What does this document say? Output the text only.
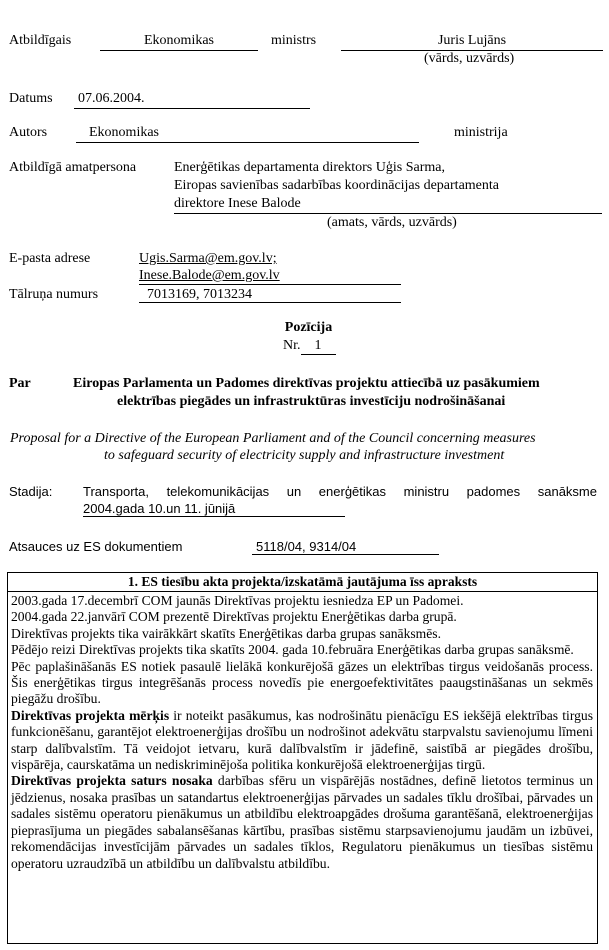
Atbildīgais	Ekonomikas	ministrs	Juris Lujāns
(vārds, uzvārds)
Datums 07.06.2004.
Autors	Ekonomikas	ministrija
Atbildīgā amatpersona	Enerģētikas departamenta direktors Uģis Sarma,
Eiropas savienības sadarbības koordinācijas departamenta
direktore Inese Balode
(amats, vārds, uzvārds)
E-pasta adrese	Ugis.Sarma@em.gov.lv;
Inese.Balode@em.gov.lv
Tālruņa numurs	7013169, 7013234
Pozīcija
Nr. 1
Par	Eiropas Parlamenta un Padomes direktīvas projektu attiecībā uz pasākumiem
elektrības piegādes un infrastruktūras investīciju nodrošināšanai
Proposal for a Directive of the European Parliament and of the Council concerning measures
to safeguard security of electricity supply and infrastructure investment
Stadija: Transporta, telekomunikācijas un enerģētikas ministru padomes sanāksme
2004.gada 10.un 11. jūnijā
Atsauces uz ES dokumentiem	5118/04, 9314/04
1. ES tiesību akta projekta/izskatāmā jautājuma īss apraksts

2003.gada 17.decembrī COM jaunās Direktīvas projektu iesniedza EP un Padomei.

2004.gada 22.janvārī COM prezentē Direktīvas projektu Enerģētikas darba grupā.

Direktīvas projekts tika vairākkārt skatīts Enerģētikas darba grupas sanāksmēs.

Pēdējo reizi Direktīvas projekts tika skatīts 2004. gada 10.februāra Enerģētikas darba grupas sanāksmē.

Pēc paplašināšanās ES notiek pasaulē lielākā konkurējošā gāzes un elektrības tirgus veidošanās process. Šis enerģētikas tirgus integrēšanās process novedīs pie energoefektivitātes paaugstināšanas un sekmēs piegāžu drošību.

Direktīvas projekta mērķis ir noteikt pasākumus, kas nodrošinātu pienācīgu ES iekšējā elektrības tirgus funkcionēšanu, garantējot elektroenerģijas drošību un nodrošinot adekvātu starpvalstu savienojumu līmeni starp dalībvalstīm. Tā veidojot ietvaru, kurā dalībvalstīm ir jādefinē, saistībā ar piegādes drošību, vispārēja, caurskatāma un nediskriminējoša politika konkurējošā elektroenerģijas tirgū.

Direktīvas projekta saturs nosaka darbības sfēru un vispārējās nostādnes, definē lietotos terminus un jēdzienus, nosaka prasības un satandartus elektroenerģijas pārvades un sadales tīklu drošībai, pārvades un sadales sistēmu operatoru pienākumus un atbildību elektroapgādes drošuma garantēšanā, elektroenerģijas pieprasījuma un piegādes sabalansēšanas kārtību, prasības sistēmu starpsavienojumu jaudām un izbūvei, rekomendācijas investīcijām pārvades un sadales tīklos, Regulatoru pienākumus un tiesības sistēmu operatoru uzraudzībā un atbildību un dalībvalstu atbildību.
